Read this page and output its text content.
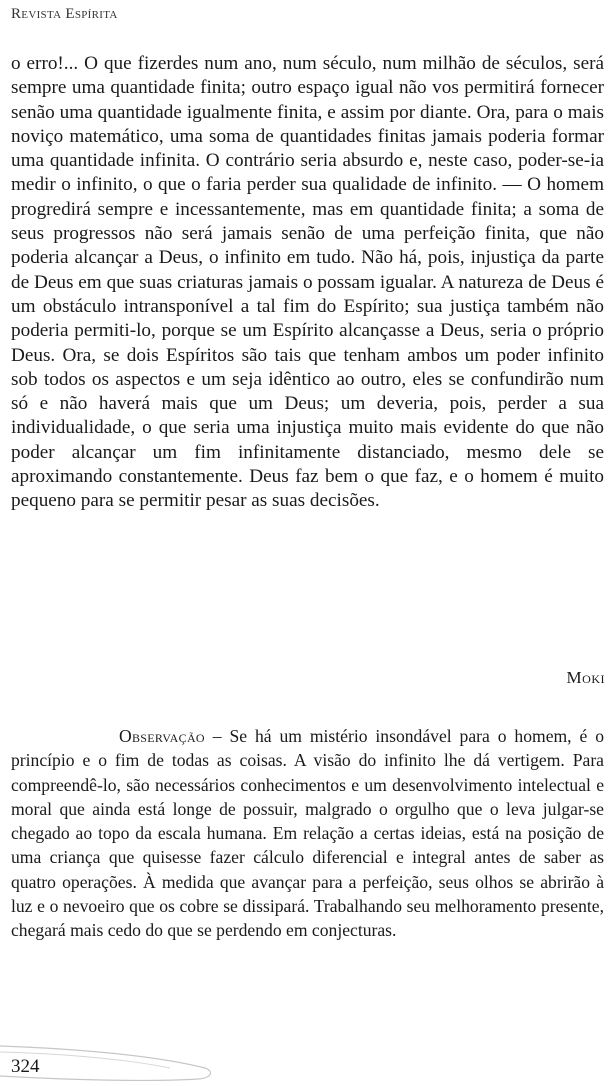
Revista Espírita

o erro!... O que fizerdes num ano, num século, num milhão de séculos, será sempre uma quantidade finita; outro espaço igual não vos permitirá fornecer senão uma quantidade igualmente finita, e assim por diante. Ora, para o mais noviço matemático, uma soma de quantidades finitas jamais poderia formar uma quantidade infinita. O contrário seria absurdo e, neste caso, poder-se-ia medir o infinito, o que o faria perder sua qualidade de infinito. — O homem progredirá sempre e incessantemente, mas em quantidade finita; a soma de seus progressos não será jamais senão de uma perfeição finita, que não poderia alcançar a Deus, o infinito em tudo. Não há, pois, injustiça da parte de Deus em que suas criaturas jamais o possam igualar. A natureza de Deus é um obstáculo intransponível a tal fim do Espírito; sua justiça também não poderia permiti-lo, porque se um Espírito alcançasse a Deus, seria o próprio Deus. Ora, se dois Espíritos são tais que tenham ambos um poder infinito sob todos os aspectos e um seja idêntico ao outro, eles se confundirão num só e não haverá mais que um Deus; um deveria, pois, perder a sua individualidade, o que seria uma injustiça muito mais evidente do que não poder alcançar um fim infinitamente distanciado, mesmo dele se aproximando constantemente. Deus faz bem o que faz, e o homem é muito pequeno para se permitir pesar as suas decisões.

Moki

Observação – Se há um mistério insondável para o homem, é o princípio e o fim de todas as coisas. A visão do infinito lhe dá vertigem. Para compreendê-lo, são necessários conhecimentos e um desenvolvimento intelectual e moral que ainda está longe de possuir, malgrado o orgulho que o leva julgar-se chegado ao topo da escala humana. Em relação a certas ideias, está na posição de uma criança que quisesse fazer cálculo diferencial e integral antes de saber as quatro operações. À medida que avançar para a perfeição, seus olhos se abrirão à luz e o nevoeiro que os cobre se dissipará. Trabalhando seu melhoramento presente, chegará mais cedo do que se perdendo em conjecturas.

324
